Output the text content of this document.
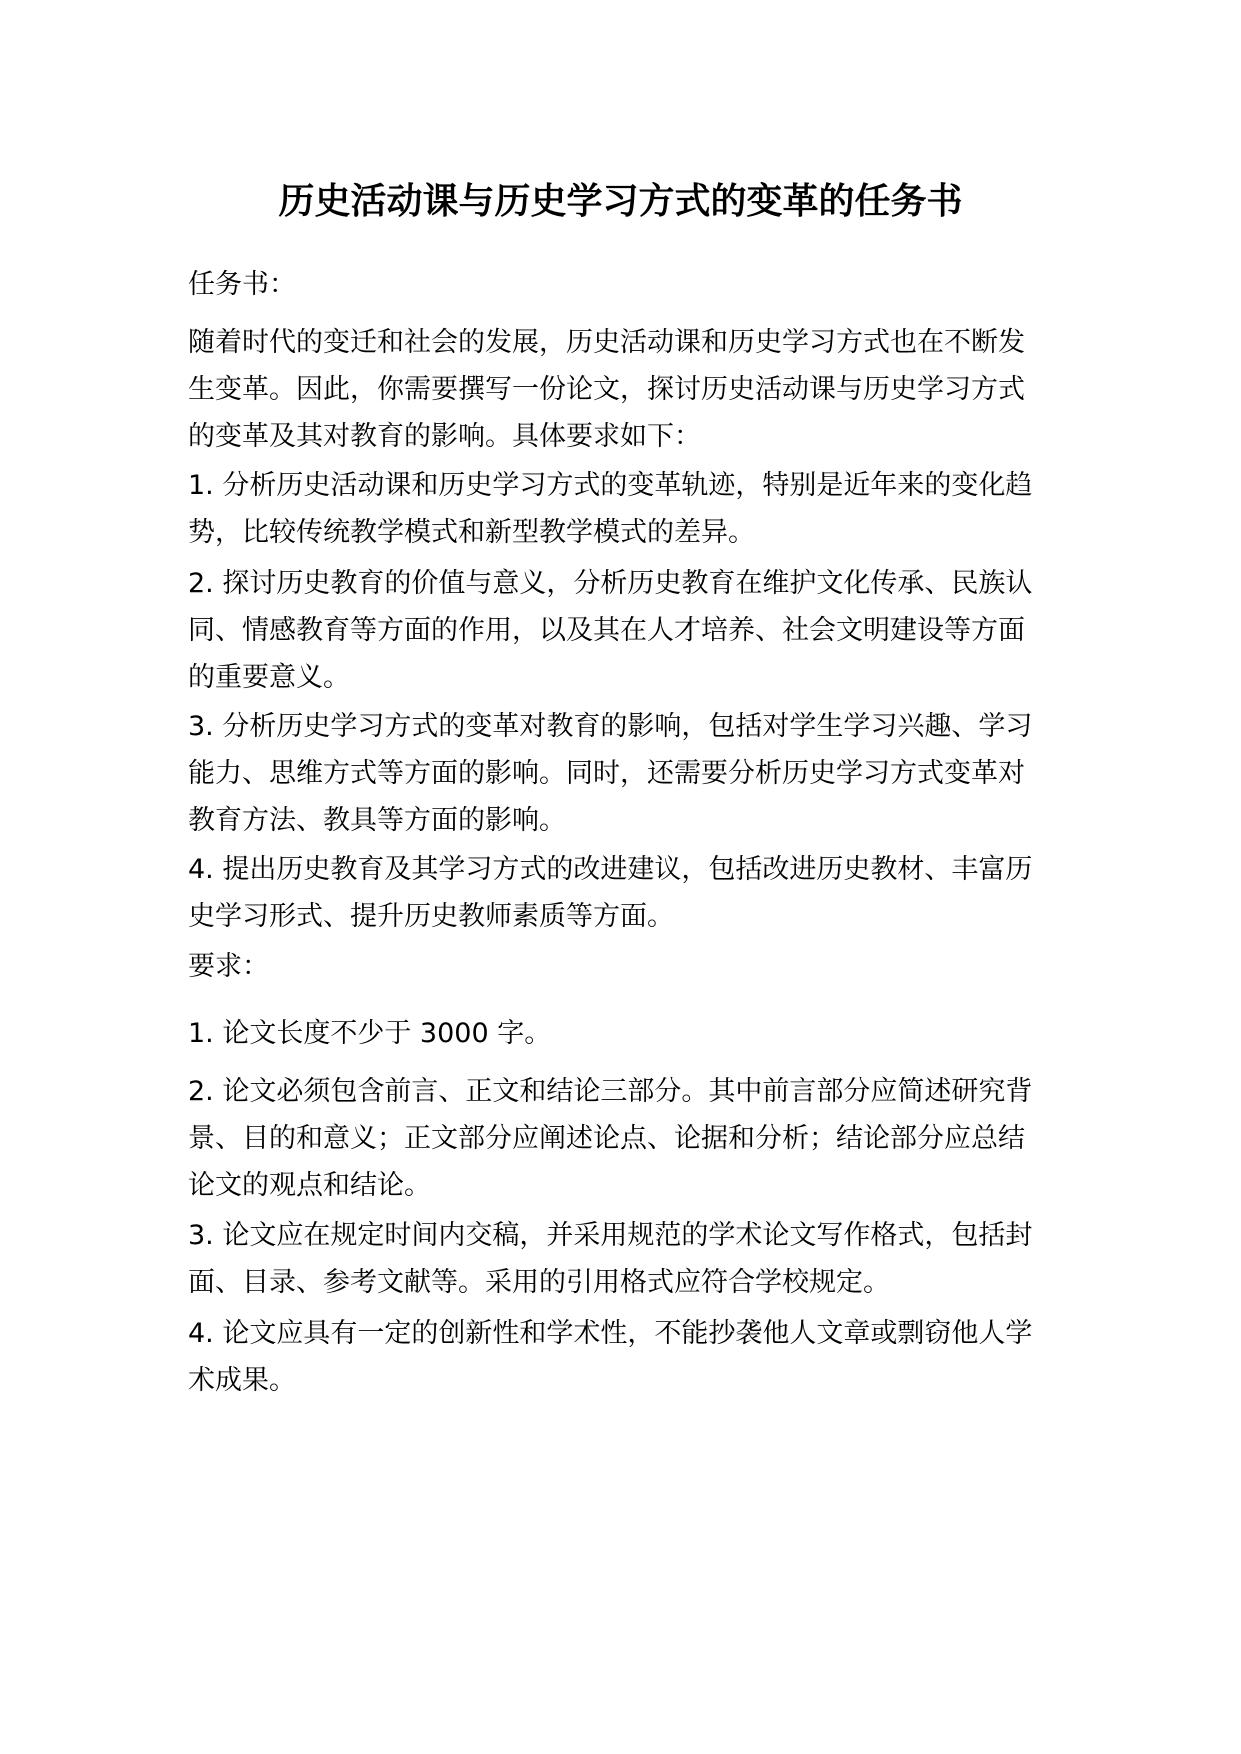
历史活动课与历史学习方式的变革的任务书

任务书：

随着时代的变迁和社会的发展，历史活动课和历史学习方式也在不断发
生变革。因此，你需要撰写一份论文，探讨历史活动课与历史学习方式
的变革及其对教育的影响。具体要求如下：

1. 分析历史活动课和历史学习方式的变革轨迹，特别是近年来的变化趋
势，比较传统教学模式和新型教学模式的差异。

2. 探讨历史教育的价值与意义，分析历史教育在维护文化传承、民族认
同、情感教育等方面的作用，以及其在人才培养、社会文明建设等方面
的重要意义。

3. 分析历史学习方式的变革对教育的影响，包括对学生学习兴趣、学习
能力、思维方式等方面的影响。同时，还需要分析历史学习方式变革对
教育方法、教具等方面的影响。

4. 提出历史教育及其学习方式的改进建议，包括改进历史教材、丰富历
史学习形式、提升历史教师素质等方面。

要求：

1. 论文长度不少于 3000 字。

2. 论文必须包含前言、正文和结论三部分。其中前言部分应简述研究背
景、目的和意义；正文部分应阐述论点、论据和分析；结论部分应总结
论文的观点和结论。

3. 论文应在规定时间内交稿，并采用规范的学术论文写作格式，包括封
面、目录、参考文献等。采用的引用格式应符合学校规定。

4. 论文应具有一定的创新性和学术性，不能抄袭他人文章或剽窃他人学
术成果。
